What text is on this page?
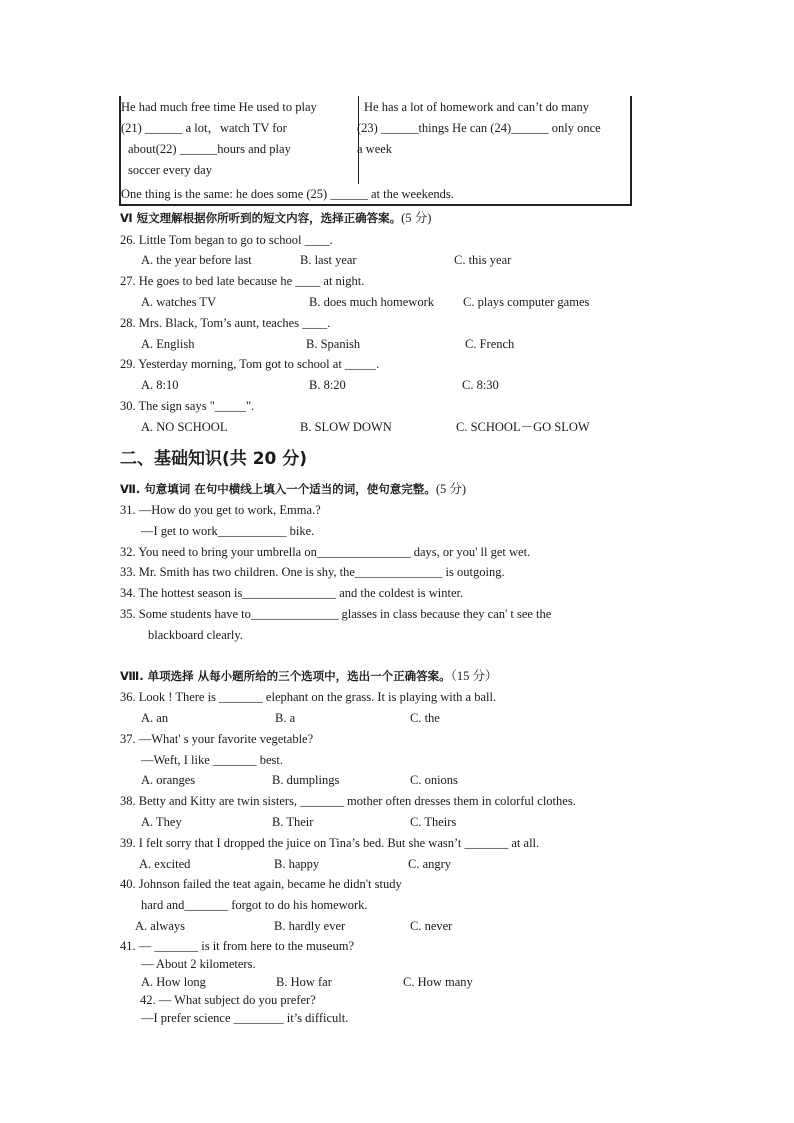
He had much free time He used to play
(21) ______ a lot，watch TV for
about(22) ______hours and play
soccer every day
He has a lot of homework and can’t do many
(23) ______things He can (24)______ only once
a week
One thing is the same: he does some (25) ______ at the weekends.
Ⅵ 短文理解根据你所听到的短文内容，选择正确答案。(5 分)
26. Little Tom began to go to school ____.
A. the year before last	B. last year	C. this year
27. He goes to bed late because he ____ at night.
A. watches TV	B. does much homework C. plays computer games
28. Mrs. Black, Tom’s aunt, teaches ____.
A. English	B. Spanish	C. French
29. Yesterday morning, Tom got to school at _____.
A. 8:10	B. 8:20	C. 8:30
30. The sign says "_____".
A. NO SCHOOL	B. SLOW DOWN	C. SCHOOL－GO SLOW
二、基础知识(共 20 分)
Ⅶ. 句意填词 在句中横线上填入一个适当的词，使句意完整。(5 分)
31. —How do you get to work, Emma.?
—I get to work___________ bike.
32. You need to bring your umbrella on_______________ days, or you' ll get wet.
33. Mr. Smith has two children. One is shy, the______________ is outgoing.
34. The hottest season is_______________ and the coldest is winter.
35. Some students have to______________ glasses in class because they can' t see the
blackboard clearly.
Ⅷ. 单项选择 从每小题所给的三个选项中，选出一个正确答案。（15 分）
36. Look ! There is _______ elephant on the grass. It is playing with a ball.
A. an	B. a	C. the
37. —What' s your favorite vegetable?
—Weft, I like _______ best.
A. oranges	B. dumplings	C. onions
38. Betty and Kitty are twin sisters, _______ mother often dresses them in colorful clothes.
A. They	B. Their	C. Theirs
39. I felt sorry that I dropped the juice on Tina’s bed. But she wasn’t _______ at all.
A. excited	B. happy	C. angry
40. Johnson failed the teat again, became he didn't study
hard and_______ forgot to do his homework.
A. always	B. hardly ever	C. never
41. — _______ is it from here to the museum?
— About 2 kilometers.
A. How long	B. How far	C. How many
42. — What subject do you prefer?
—I prefer science ________ it’s difficult.
